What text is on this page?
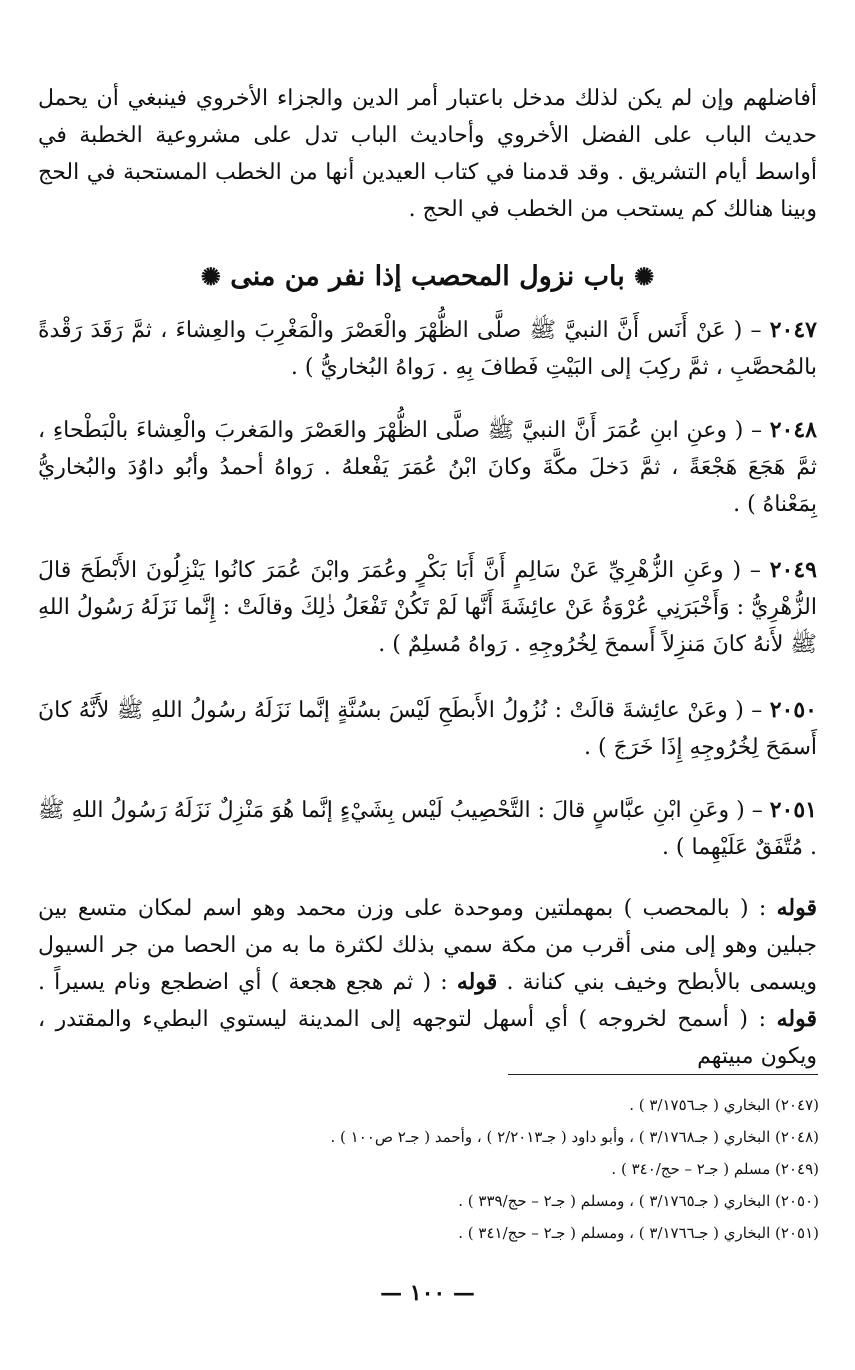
أفاضلهم وإن لم يكن لذلك مدخل باعتبار أمر الدين والجزاء الأخروي فينبغي أن يحمل حديث الباب على الفضل الأخروي وأحاديث الباب تدل على مشروعية الخطبة في أواسط أيام التشريق . وقد قدمنا في كتاب العيدين أنها من الخطب المستحبة في الحج وبينا هنالك كم يستحب من الخطب في الحج .
✺ باب نزول المحصب إذا نفر من منى ✺
٢٠٤٧ – ( عَنْ أَنَس أَنَّ النبيَّ ﷺ صلَّى الظُّهْرَ والْعَصْرَ والْمَغْرِبَ والعِشاءَ ، ثمَّ رَقَدَ رَقْدةً بالمُحصَّبِ ، ثمَّ ركِبَ إلى البَيْتِ فَطافَ بِهِ . رَواهُ البُخاريُّ ) .
٢٠٤٨ – ( وعنِ ابنِ عُمَرَ أَنَّ النبيَّ ﷺ صلَّى الظُّهْرَ والعَصْرَ والمَغربَ والْعِشاءَ بالْبَطْحاءِ ، ثمَّ هَجَعَ هَجْعَةً ، ثمَّ دَخلَ مكَّةَ وكانَ ابْنُ عُمَرَ يَفْعلهُ . رَواهُ أحمدُ وأبُو داوُدَ والبُخاريُّ بِمَعْناهُ ) .
٢٠٤٩ – ( وعَنِ الزُّهْرِيِّ عَنْ سَالِمٍ أَنَّ أَبَا بَكْرٍ وعُمَرَ وابْنَ عُمَرَ كانُوا يَنْزِلُونَ الأَبْطَحَ قالَ الزُّهْرِيُّ : وَأَخْبَرَنِي عُرْوَةُ عَنْ عائِشَةَ أَنَّها لَمْ تَكُنْ تَفْعَلُ ذٰلِكَ وقالَتْ : إِنَّما نَزَلَهُ رَسُولُ اللهِ ﷺ لأَنهُ كانَ مَنزِلاً أَسمحَ لِخُرُوجِهِ . رَواهُ مُسلِمٌ ) .
٢٠٥٠ – ( وعَنْ عائِشةَ قالَتْ : نُزُولُ الأَبطَحِ لَيْسَ بسُنَّةٍ إنَّما نَزَلَهُ رسُولُ اللهِ ﷺ لأَنَّهُ كانَ أَسمَحَ لِخُرُوجِهِ إِذَا خَرَجَ ) .
٢٠٥١ – ( وعَنِ ابْنِ عبَّاسٍ قالَ : التَّحْصِيبُ لَيْس بِشَيْءٍ إنَّما هُوَ مَنْزِلٌ نَزَلَهُ رَسُولُ اللهِ ﷺ . مُتَّفَقٌ عَلَيْهِما ) .
قوله : ( بالمحصب ) بمهملتين وموحدة على وزن محمد وهو اسم لمكان متسع بين جبلين وهو إلى منى أقرب من مكة سمي بذلك لكثرة ما به من الحصا من جر السيول ويسمى بالأبطح وخيف بني كنانة . قوله : ( ثم هجع هجعة ) أي اضطجع ونام يسيراً . قوله : ( أسمح لخروجه ) أي أسهل لتوجهه إلى المدينة ليستوي البطيء والمقتدر ، ويكون مبيتهم
(٢٠٤٧) البخاري ( جـ٣/١٧٥٦ ) .
(٢٠٤٨) البخاري ( جـ٣/١٧٦٨ ) ، وأبو داود ( جـ٢/٢٠١٣ ) ، وأحمد ( جـ٢ ص١٠٠ ) .
(٢٠٤٩) مسلم ( جـ٢ – حج/٣٤٠ ) .
(٢٠٥٠) البخاري ( جـ٣/١٧٦٥ ) ، ومسلم ( جـ٢ – حج/٣٣٩ ) .
(٢٠٥١) البخاري ( جـ٣/١٧٦٦ ) ، ومسلم ( جـ٢ – حج/٣٤١ ) .
— ١٠٠ —
